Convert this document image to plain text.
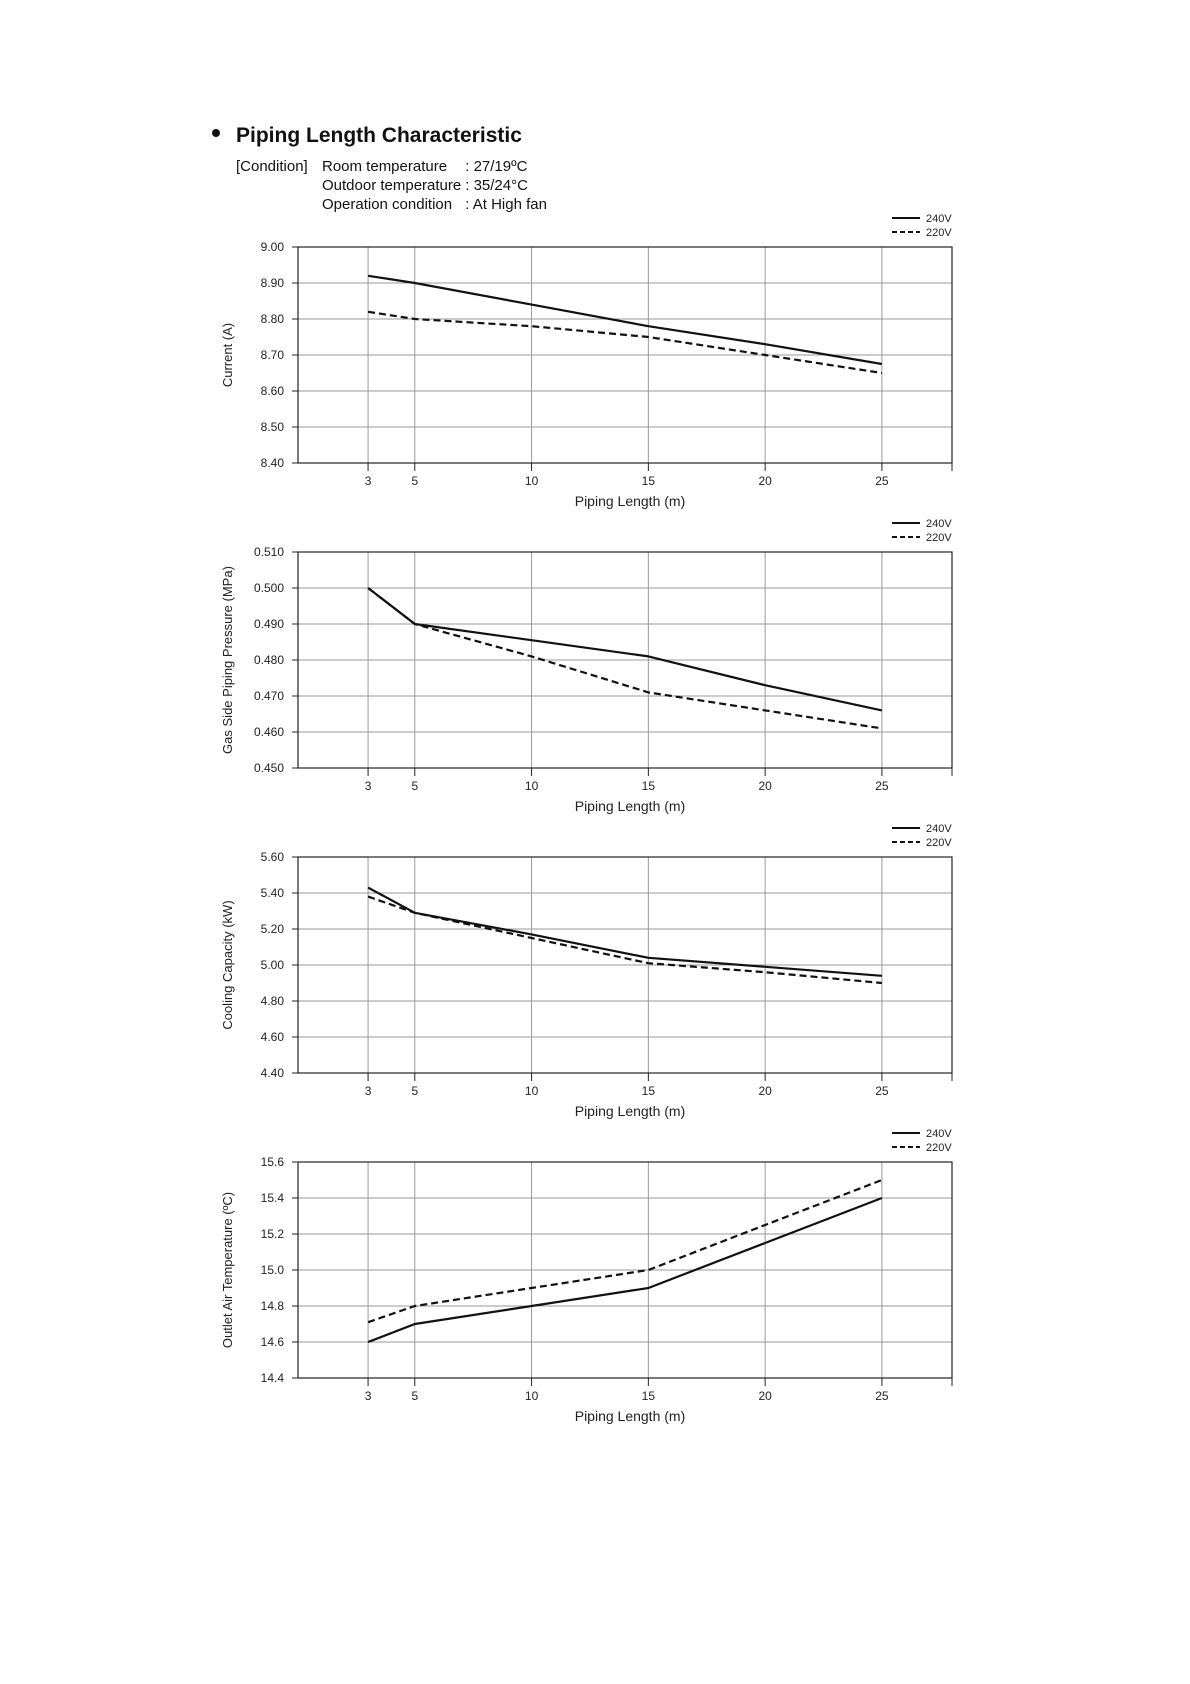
Piping Length Characteristic
[Condition] Room temperature	: 27/19ºC
Outdoor temperature : 35/24°C
Operation condition : At High fan
9.00
8.90
8.80
8.70
8.60
8.50
8.40
3	5	10	15	20	25
Piping Length (m)
Current (A)
240V
220V
0.510
0.500
0.490
0.480
0.470
0.460
0.450
3	5	10	15	20	25
Piping Length (m)
Gas Side Piping Pressure (MPa)
240V
220V
5.60
5.40
5.20
5.00
4.80
4.60
4.40
3	5	10	15	20	25
Piping Length (m)
Cooling Capacity (kW)
240V
220V
15.6
15.4
15.2
15.0
14.8
14.6
14.4
3	5	10	15	20	25
Piping Length (m)
Outlet Air Temperature (ºC)
240V
220V
